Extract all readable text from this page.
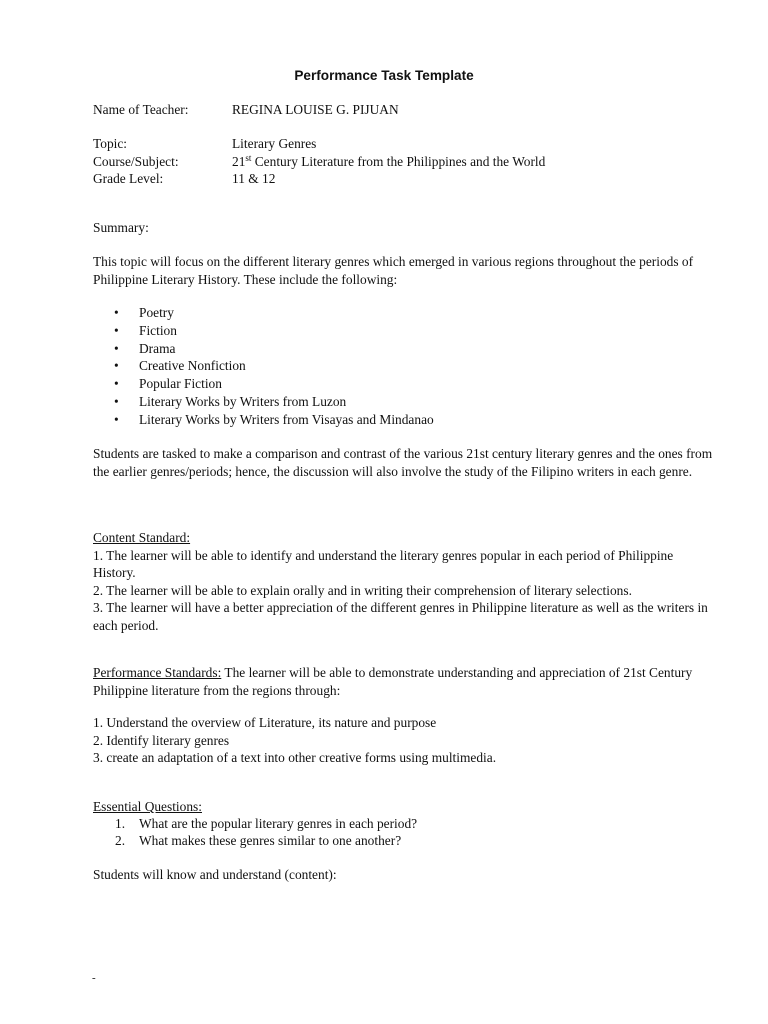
Performance Task Template
Name of Teacher:	REGINA LOUISE G. PIJUAN
Topic:	Literary Genres
Course/Subject:	21st Century Literature from the Philippines and the World
Grade Level:	11 & 12
Summary:
This topic will focus on the different literary genres which emerged in various regions throughout the periods of Philippine Literary History. These include the following:
• Poetry
• Fiction
• Drama
• Creative Nonfiction
• Popular Fiction
• Literary Works by Writers from Luzon
• Literary Works by Writers from Visayas and Mindanao
Students are tasked to make a comparison and contrast of the various 21st century literary genres and the ones from the earlier genres/periods; hence, the discussion will also involve the study of the Filipino writers in each genre.
Content Standard:
1. The learner will be able to identify and understand the literary genres popular in each period of Philippine History.
2. The learner will be able to explain orally and in writing their comprehension of literary selections.
3. The learner will have a better appreciation of the different genres in Philippine literature as well as the writers in each period.
Performance Standards: The learner will be able to demonstrate understanding and appreciation of 21st Century Philippine literature from the regions through:
1. Understand the overview of Literature, its nature and purpose
2. Identify literary genres
3. create an adaptation of a text into other creative forms using multimedia.
Essential Questions:
1. What are the popular literary genres in each period?
2. What makes these genres similar to one another?
Students will know and understand (content):
-
